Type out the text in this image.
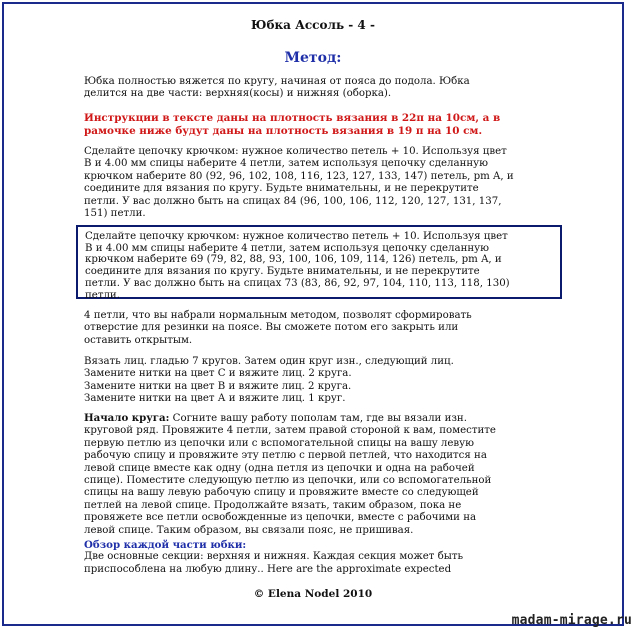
Юбка Ассоль - 4 -
Метод:

Юбка полностью вяжется по кругу, начиная от пояса до подола. Юбка
делится на две части: верхняя(косы) и нижняя (оборка).

Инструкции в тексте даны на плотность вязания в 22п на 10см, а в
рамочке ниже будут даны на плотность вязания в 19 п на 10 см.

Сделайте цепочку крючком: нужное количество петель + 10. Используя цвет
В и 4.00 мм спицы наберите 4 петли, затем используя цепочку сделанную
крючком наберите 80 (92, 96, 102, 108, 116, 123, 127, 133, 147) петель, pm A, и
соедините для вязания по кругу. Будьте внимательны, и не перекрутите
петли. У вас должно быть на спицах 84 (96, 100, 106, 112, 120, 127, 131, 137,
151) петли.

Сделайте цепочку крючком: нужное количество петель + 10. Используя цвет
В и 4.00 мм спицы наберите 4 петли, затем используя цепочку сделанную
крючком наберите 69 (79, 82, 88, 93, 100, 106, 109, 114, 126) петель, pm A, и
соедините для вязания по кругу. Будьте внимательны, и не перекрутите
петли. У вас должно быть на спицах 73 (83, 86, 92, 97, 104, 110, 113, 118, 130)
петли.

4 петли, что вы набрали нормальным методом, позволят сформировать
отверстие для резинки на поясе. Вы сможете потом его закрыть или
оставить открытым.

Вязать лиц. гладью 7 кругов. Затем один круг изн., следующий лиц.
Замените нитки на цвет С и вяжите лиц. 2 круга.
Замените нитки на цвет В и вяжите лиц. 2 круга.
Замените нитки на цвет А и вяжите лиц. 1 круг.

Начало круга: Согните вашу работу пополам там, где вы вязали изн.
круговой ряд. Провяжите 4 петли, затем правой стороной к вам, поместите
первую петлю из цепочки или с вспомогательной спицы на вашу левую
рабочую спицу и провяжите эту петлю с первой петлей, что находится на
левой спице вместе как одну (одна петля из цепочки и одна на рабочей
спице). Поместите следующую петлю из цепочки, или со вспомогательной
спицы на вашу левую рабочую спицу и провяжите вместе со следующей
петлей на левой спице. Продолжайте вязать, таким образом, пока не
провяжете все петли освобожденные из цепочки, вместе с рабочими на
левой спице. Таким образом, вы связали пояс, не пришивая.

Обзор каждой части юбки:
Две основные секции: верхняя и нижняя. Каждая секция может быть
приспособлена на любую длину.. Here are the approximate expected

© Elena Nodel 2010
madam-mirage.ru
